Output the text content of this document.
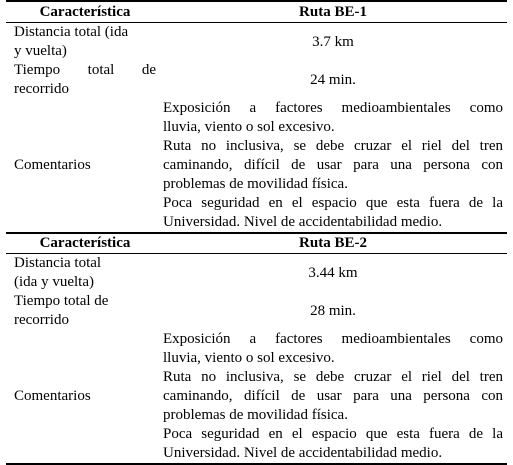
Característica	Ruta BE-1
Distancia total (ida
y vuelta)
3.7 km
Tiempo total de
recorrido
24 min.
Comentarios
Exposición a factores medioambientales como
lluvia, viento o sol excesivo.
Ruta no inclusiva, se debe cruzar el riel del tren
caminando, difícil de usar para una persona con
problemas de movilidad física.
Poca seguridad en el espacio que esta fuera de la
Universidad. Nivel de accidentabilidad medio.
Característica	Ruta BE-2
Distancia total
(ida y vuelta)
3.44 km
Tiempo total de
recorrido
28 min.
Comentarios
Exposición a factores medioambientales como
lluvia, viento o sol excesivo.
Ruta no inclusiva, se debe cruzar el riel del tren
caminando, difícil de usar para una persona con
problemas de movilidad física.
Poca seguridad en el espacio que esta fuera de la
Universidad. Nivel de accidentabilidad medio.
